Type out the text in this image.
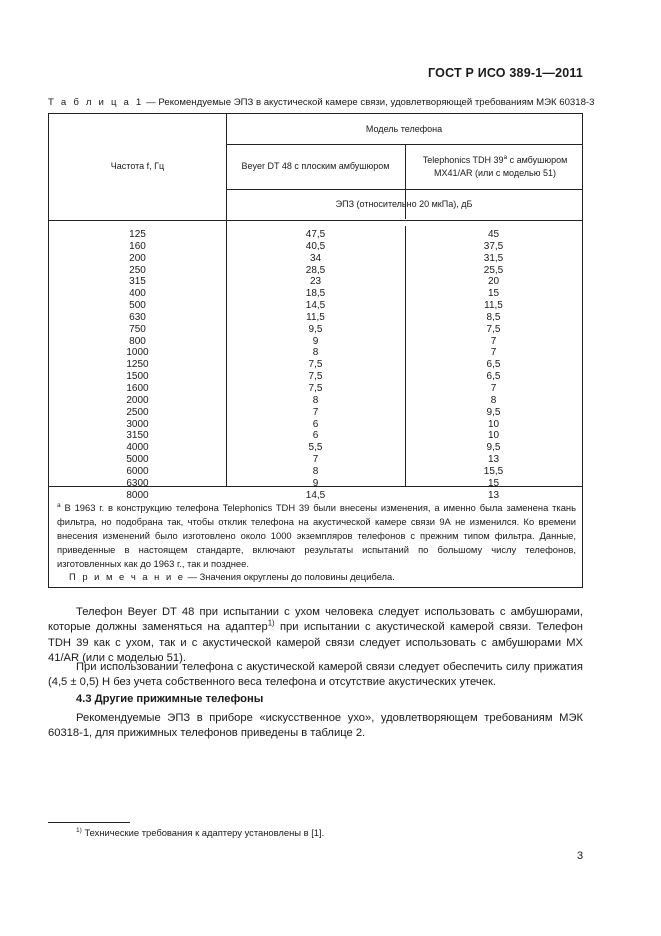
ГОСТ Р ИСО 389-1—2011
Т а б л и ц а 1 — Рекомендуемые ЭПЗ в акустической камере связи, удовлетворяющей требованиям МЭК 60318-3
Частота f, Гц
Модель телефона
Beyer DT 48 с плоским амбушюром
Telephonics TDH 39$^a$ с амбушюром МХ41/AR (или с моделью 51)
ЭПЗ (относительно 20 мкПа), дБ
125
160
200
250
315
400
500
630
750
800
1000
1250
1500
1600
2000
2500
3000
3150
4000
5000
6000
6300
8000
47,5
40,5
34
28,5
23
18,5
14,5
11,5
9,5
9
8
7,5
7,5
7,5
8
7
6
6
5,5
7
8
9
14,5
45
37,5
31,5
25,5
20
15
11,5
8,5
7,5
7
7
6,5
6,5
7
8
9,5
10
10
9,5
13
15,5
15
13
$^a$ В 1963 г. в конструкцию телефона Telephonics TDH 39 были внесены изменения, а именно была заменена ткань фильтра, но подобрана так, чтобы отклик телефона на акустической камере связи 9А не изменился. Ко времени внесения изменений было изготовлено около 1000 экземпляров телефонов с прежним типом фильтра. Данные, приведенные в настоящем стандарте, включают результаты испытаний по большому числу телефонов, изготовленных как до 1963 г., так и позднее.
П р и м е ч а н и е — Значения округлены до половины децибела.
Телефон Beyer DT 48 при испытании с ухом человека следует использовать с амбушюрами, которые должны заменяться на адаптер$^{1)}$ при испытании с акустической камерой связи. Телефон TDH 39 как с ухом, так и с акустической камерой связи следует использовать с амбушюрами МХ 41/AR (или с моделью 51).
При использовании телефона с акустической камерой связи следует обеспечить силу прижатия (4,5 ± 0,5) Н без учета собственного веса телефона и отсутствие акустических утечек.
4.3 Другие прижимные телефоны
Рекомендуемые ЭПЗ в приборе «искусственное ухо», удовлетворяющем требованиям МЭК 60318-1, для прижимных телефонов приведены в таблице 2.
$^{1)}$ Технические требования к адаптеру установлены в [1].
3
